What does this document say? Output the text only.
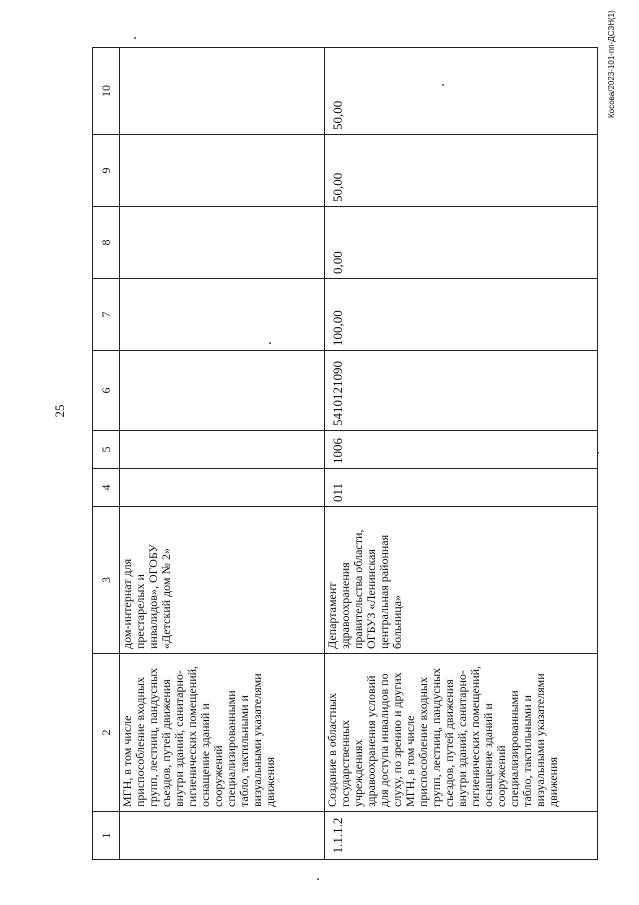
25
Косова/2023-101-пп-ДСЗН(1)
1	2	3	4	5	6	7	8	9	10
	МГН, в том числе приспособление входных групп, лестниц, пандусных съездов, путей движения внутри зданий, санитарно-гигиенических помещений, оснащение зданий и сооружений специализированными табло, тактильными и визуальными указателями движения	дом-интернат для престарелых и инвалидов», ОГОБУ «Детский дом № 2»							
1.1.1.2	Создание в областных государственных учреждениях здравоохранения условий для доступа инвалидов по слуху, по зрению и других МГН, в том числе приспособление входных групп, лестниц, пандусных съездов, путей движения внутри зданий, санитарно-гигиенических помещений, оснащение зданий и сооружений специализированными табло, тактильными и визуальными указателями движения	Департамент здравоохранения правительства области, ОГБУЗ «Ленинская центральная районная больница»	011	1006	5410121090	100,00	0,00	50,00	50,00
